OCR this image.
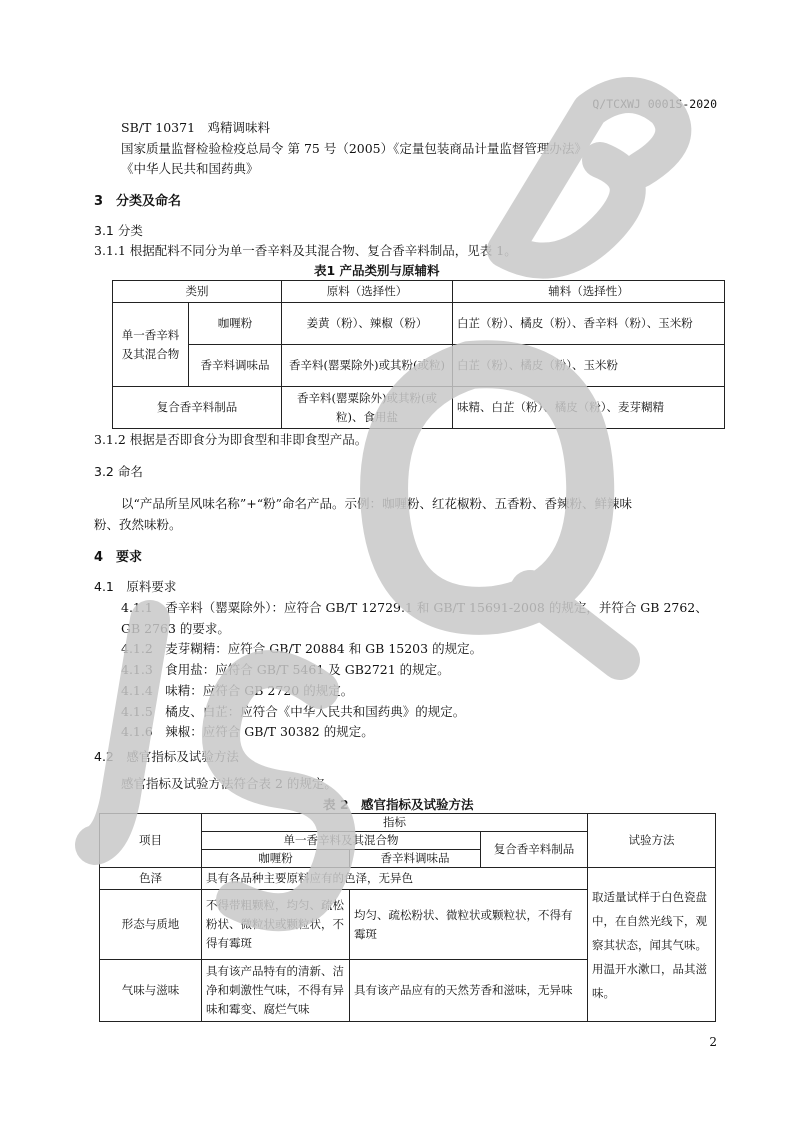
Q/TCXWJ 0001S-2020
SB/T 10371　鸡精调味料
国家质量监督检验检疫总局令 第 75 号（2005）《定量包装商品计量监督管理办法》
《中华人民共和国药典》
3　分类及命名
3.1 分类
3.1.1 根据配料不同分为单一香辛料及其混合物、复合香辛料制品，见表 1。
表1 产品类别与原辅料
类别		原料（选择性）	辅料（选择性）
单一香辛料及其混合物	咖喱粉	姜黄（粉）、辣椒（粉）	白芷（粉）、橘皮（粉）、香辛料（粉）、玉米粉
	香辛料调味品	香辛料(罂粟除外)或其粉(或粒)	白芷（粉）、橘皮（粉）、玉米粉
复合香辛料制品		香辛料(罂粟除外)或其粉(或粒)、食用盐	味精、白芷（粉）、橘皮（粉）、麦芽糊精
3.1.2 根据是否即食分为即食型和非即食型产品。
3.2 命名
以“产品所呈风味名称”+“粉”命名产品。示例：咖喱粉、红花椒粉、五香粉、香辣粉、鲜辣味
粉、孜然味粉。
4　要求
4.1　原料要求
4.1.1　香辛料（罂粟除外）：应符合 GB/T 12729.1 和 GB/T 15691-2008 的规定，并符合 GB 2762、
GB 2763 的要求。
4.1.2　麦芽糊精：应符合 GB/T 20884 和 GB 15203 的规定。
4.1.3　食用盐：应符合 GB/T 5461 及 GB2721 的规定。
4.1.4　味精：应符合 GB 2720 的规定。
4.1.5　橘皮、白芷：应符合《中华人民共和国药典》的规定。
4.1.6　辣椒：应符合 GB/T 30382 的规定。
4.2　感官指标及试验方法
感官指标及试验方法符合表 2 的规定。
表 2　感官指标及试验方法
项目	指标			试验方法
	单一香辛料及其混合物		复合香辛料制品	
	咖喱粉	香辛料调味品		
色泽	具有各品种主要原料应有的色泽，无异色			取适量试样于白色瓷盘中，在自然光线下，观察其状态，闻其气味。用温开水漱口，品其滋味。
形态与质地	不得带粗颗粒，均匀、疏松粉状、微粒状或颗粒状，不得有霉斑	均匀、疏松粉状、微粒状或颗粒状，不得有霉斑		
气味与滋味	具有该产品特有的清新、洁净和刺激性气味，不得有异味和霉变、腐烂气味	具有该产品应有的天然芳香和滋味，无异味		
2
